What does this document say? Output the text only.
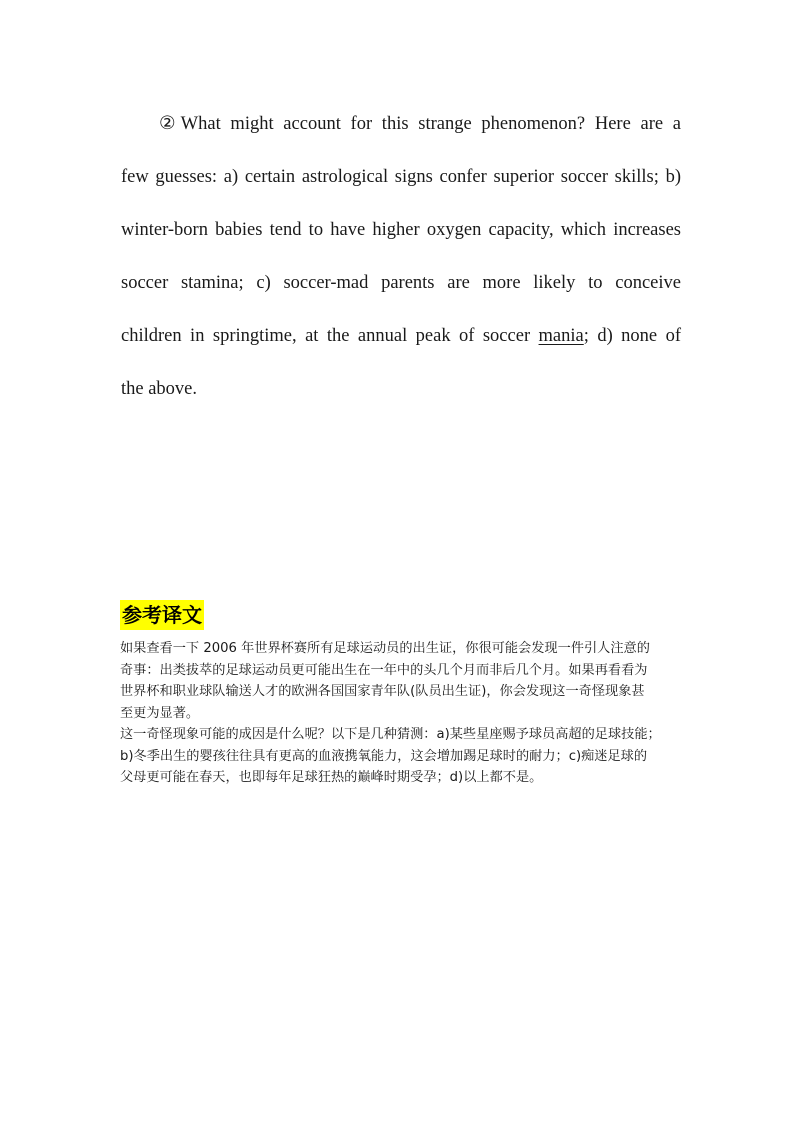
②What might account for this strange phenomenon? Here are a
few guesses: a) certain astrological signs confer superior soccer skills; b)
winter-born babies tend to have higher oxygen capacity, which increases
soccer stamina; c) soccer-mad parents are more likely to conceive
children in springtime, at the annual peak of soccer mania; d) none of
the above.
参考译文
如果查看一下 2006 年世界杯赛所有足球运动员的出生证，你很可能会发现一件引人注意的
奇事：出类拔萃的足球运动员更可能出生在一年中的头几个月而非后几个月。如果再看看为
世界杯和职业球队输送人才的欧洲各国国家青年队(队员出生证)，你会发现这一奇怪现象甚
至更为显著。
这一奇怪现象可能的成因是什么呢？以下是几种猜测：a)某些星座赐予球员高超的足球技能；
b)冬季出生的婴孩往往具有更高的血液携氧能力，这会增加踢足球时的耐力；c)痴迷足球的
父母更可能在春天，也即每年足球狂热的巅峰时期受孕；d)以上都不是。
